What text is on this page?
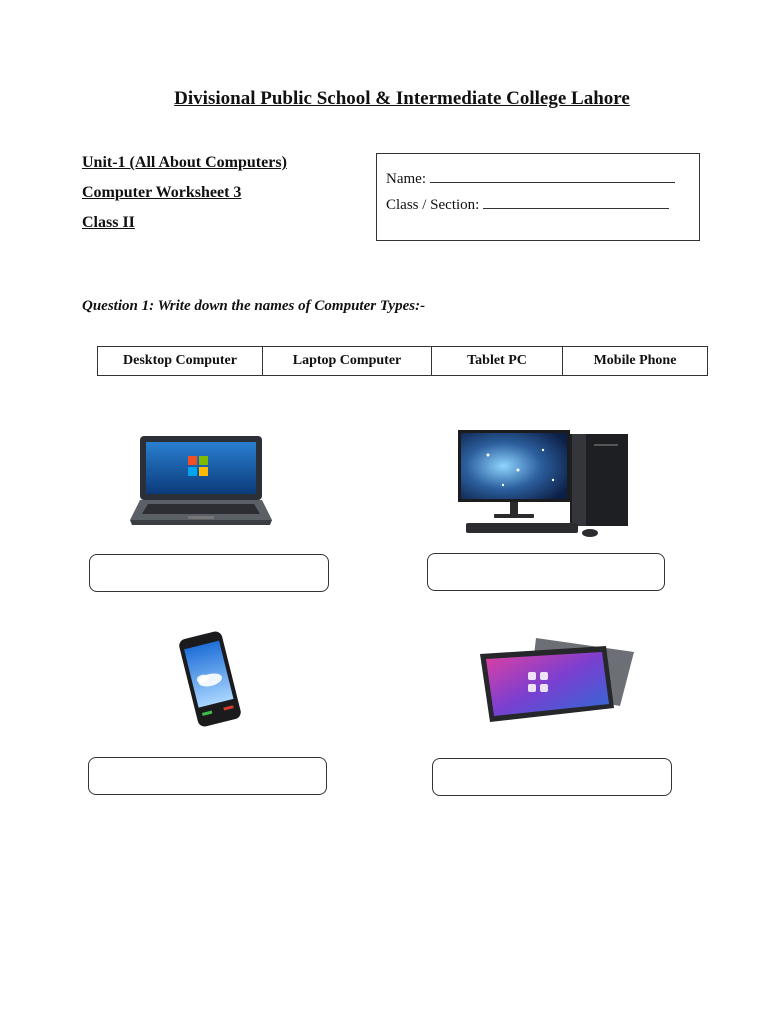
Divisional Public School & Intermediate College Lahore
Unit-1 (All About Computers)
Computer Worksheet 3
Class II
Name:
Class / Section:
Question 1: Write down the names of Computer Types:-
Desktop Computer	Laptop Computer	Tablet PC	Mobile Phone
